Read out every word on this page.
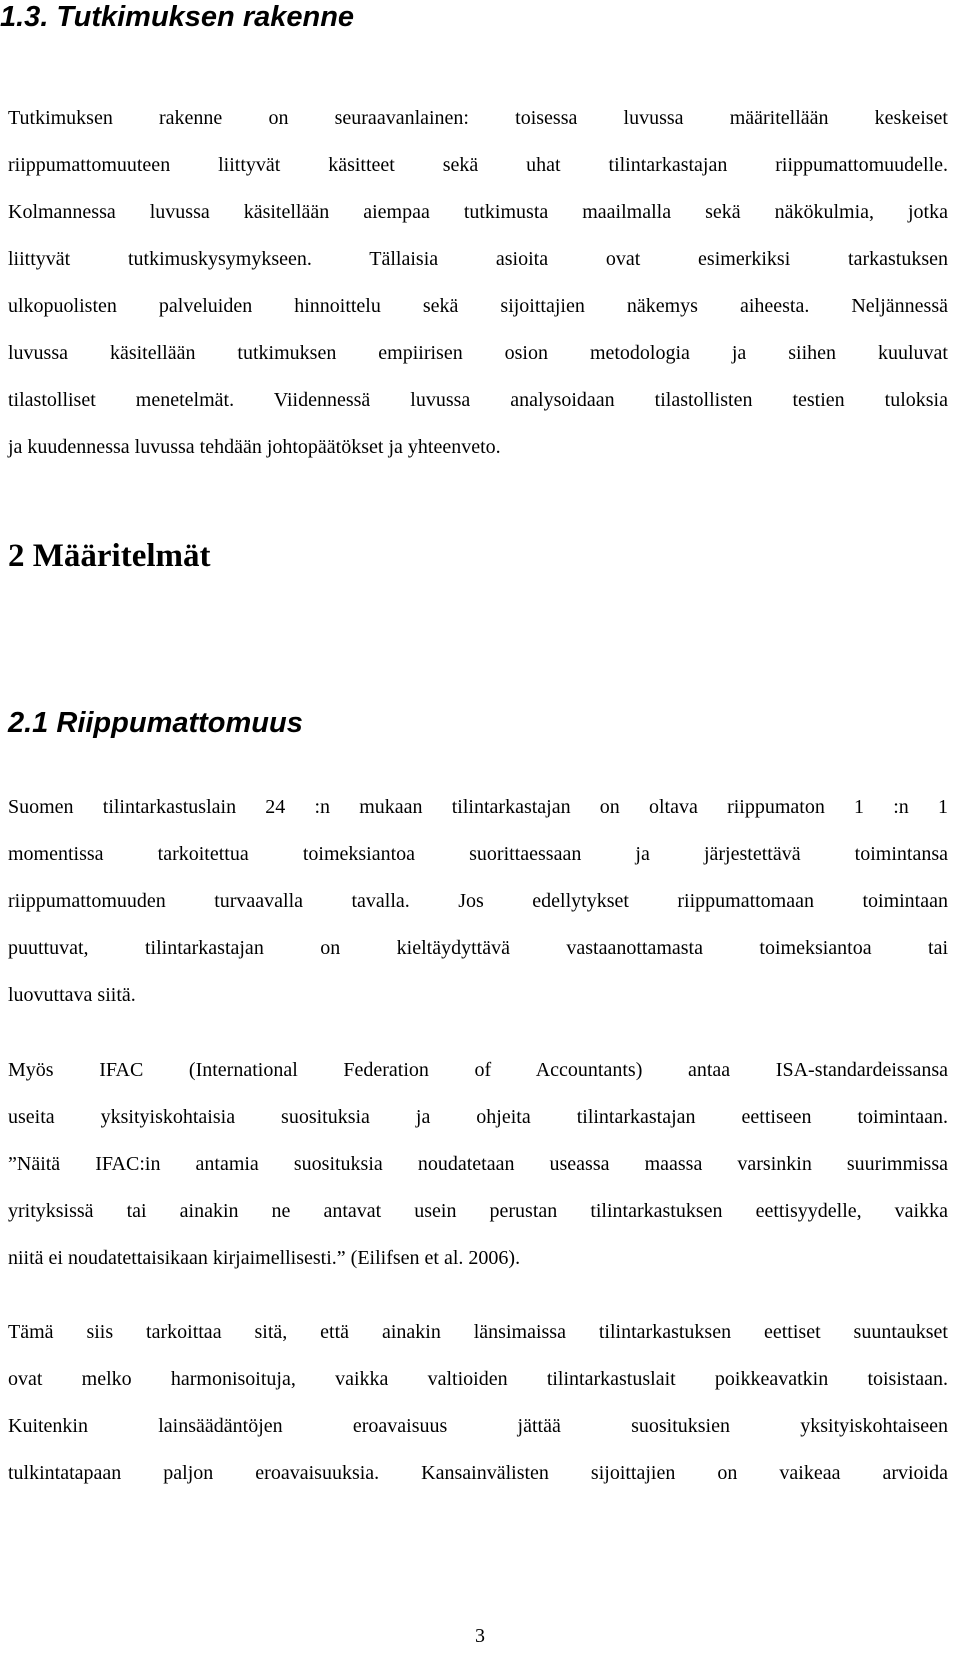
1.3. Tutkimuksen rakenne
Tutkimuksen rakenne on seuraavanlainen: toisessa luvussa määritellään keskeiset
riippumattomuuteen liittyvät käsitteet sekä uhat tilintarkastajan riippumattomuudelle.
Kolmannessa luvussa käsitellään aiempaa tutkimusta maailmalla sekä näkökulmia, jotka
liittyvät tutkimuskysymykseen. Tällaisia asioita ovat esimerkiksi tarkastuksen
ulkopuolisten palveluiden hinnoittelu sekä sijoittajien näkemys aiheesta. Neljännessä
luvussa käsitellään tutkimuksen empiirisen osion metodologia ja siihen kuuluvat
tilastolliset menetelmät. Viidennessä luvussa analysoidaan tilastollisten testien tuloksia
ja kuudennessa luvussa tehdään johtopäätökset ja yhteenveto.
2 Määritelmät
2.1 Riippumattomuus
Suomen tilintarkastuslain 24 :n mukaan tilintarkastajan on oltava riippumaton 1 :n 1
momentissa tarkoitettua toimeksiantoa suorittaessaan ja järjestettävä toimintansa
riippumattomuuden turvaavalla tavalla. Jos edellytykset riippumattomaan toimintaan
puuttuvat, tilintarkastajan on kieltäydyttävä vastaanottamasta toimeksiantoa tai
luovuttava siitä.
Myös IFAC (International Federation of Accountants) antaa ISA-standardeissansa
useita yksityiskohtaisia suosituksia ja ohjeita tilintarkastajan eettiseen toimintaan.
”Näitä IFAC:in antamia suosituksia noudatetaan useassa maassa varsinkin suurimmissa
yrityksissä tai ainakin ne antavat usein perustan tilintarkastuksen eettisyydelle, vaikka
niitä ei noudatettaisikaan kirjaimellisesti.” (Eilifsen et al. 2006).
Tämä siis tarkoittaa sitä, että ainakin länsimaissa tilintarkastuksen eettiset suuntaukset
ovat melko harmonisoituja, vaikka valtioiden tilintarkastuslait poikkeavatkin toisistaan.
Kuitenkin lainsäädäntöjen eroavaisuus jättää suosituksien yksityiskohtaiseen
tulkintatapaan paljon eroavaisuuksia. Kansainvälisten sijoittajien on vaikeaa arvioida
3
